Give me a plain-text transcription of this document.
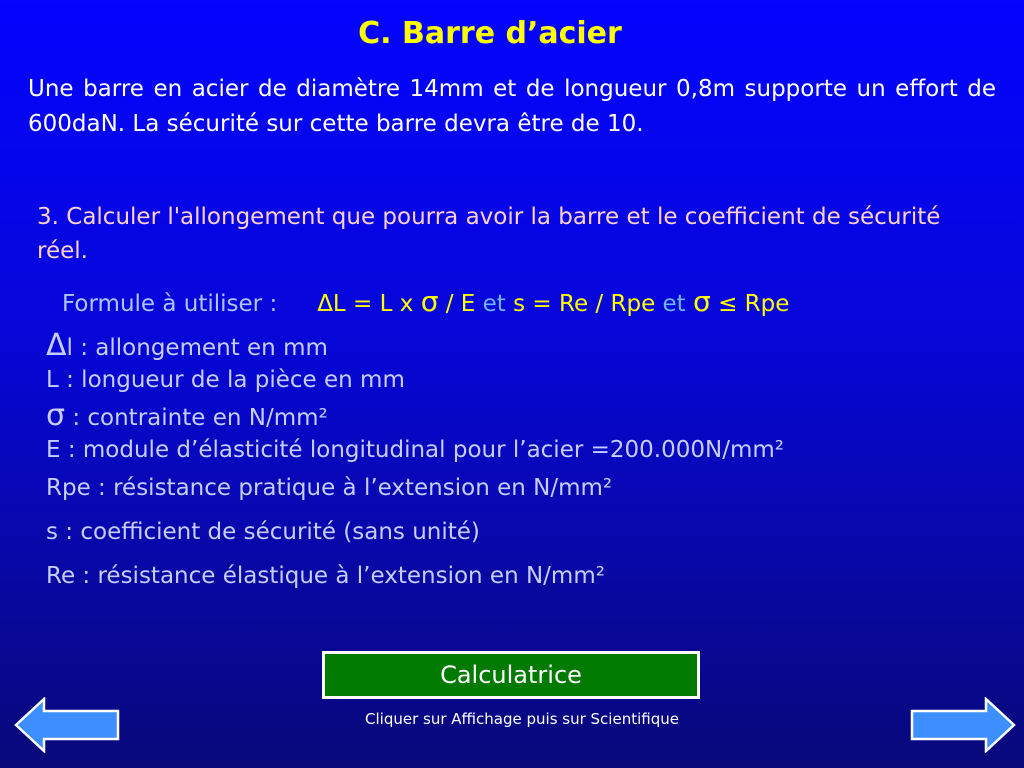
C. Barre d’acier
Une barre en acier de diamètre 14mm et de longueur 0,8m supporte un effort de 600daN. La sécurité sur cette barre devra être de 10.
3. Calculer l'allongement que pourra avoir la barre et le coefficient de sécurité réel.
Formule à utiliser : ΔL = L x σ / E et s = Re / Rpe et σ ≤ Rpe
Δl : allongement en mm
L : longueur de la pièce en mm
σ : contrainte en N/mm²
E : module d’élasticité longitudinal pour l’acier =200.000N/mm²
Rpe : résistance pratique à l’extension en N/mm²
s : coefficient de sécurité (sans unité)
Re : résistance élastique à l’extension en N/mm²
Calculatrice
Cliquer sur Affichage puis sur Scientifique
